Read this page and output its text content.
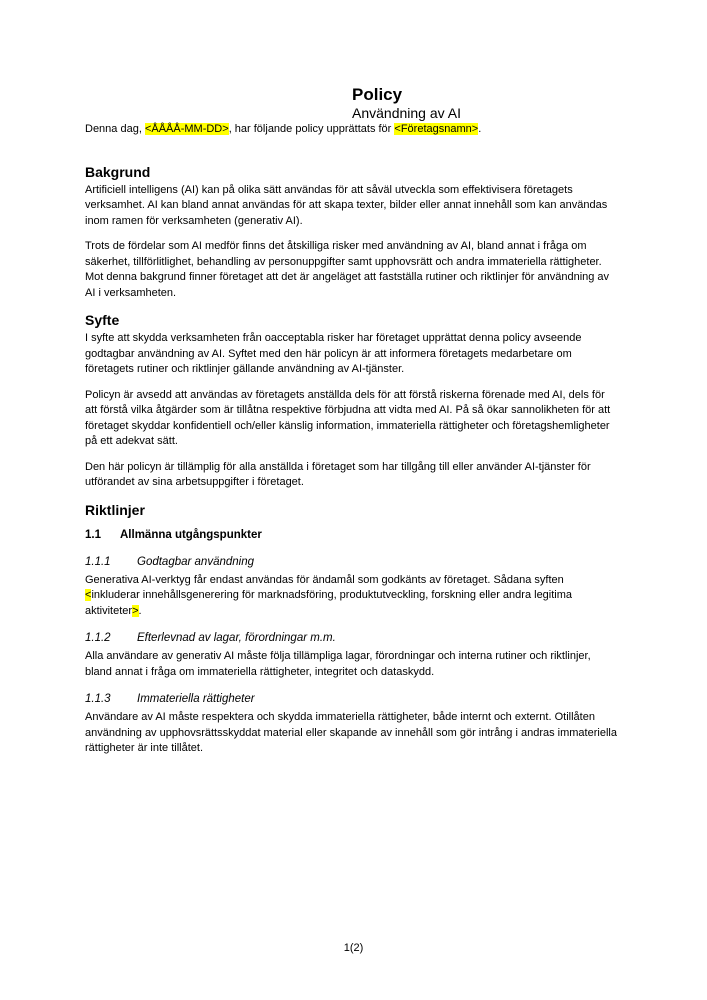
Policy
Användning av AI

Denna dag, <ÅÅÅÅ-MM-DD>, har följande policy upprättats för <Företagsnamn>.

Bakgrund

Artificiell intelligens (AI) kan på olika sätt användas för att såväl utveckla som effektivisera företagets verksamhet. AI kan bland annat användas för att skapa texter, bilder eller annat innehåll som kan användas inom ramen för verksamheten (generativ AI).

Trots de fördelar som AI medför finns det åtskilliga risker med användning av AI, bland annat i fråga om säkerhet, tillförlitlighet, behandling av personuppgifter samt upphovsrätt och andra immateriella rättigheter. Mot denna bakgrund finner företaget att det är angeläget att fastställa rutiner och riktlinjer för användning av AI i verksamheten.

Syfte

I syfte att skydda verksamheten från oacceptabla risker har företaget upprättat denna policy avseende godtagbar användning av AI. Syftet med den här policyn är att informera företagets medarbetare om företagets rutiner och riktlinjer gällande användning av AI-tjänster.

Policyn är avsedd att användas av företagets anställda dels för att förstå riskerna förenade med AI, dels för att förstå vilka åtgärder som är tillåtna respektive förbjudna att vidta med AI. På så ökar sannolikheten för att företaget skyddar konfidentiell och/eller känslig information, immateriella rättigheter och företagshemligheter på ett adekvat sätt.

Den här policyn är tillämplig för alla anställda i företaget som har tillgång till eller använder AI-tjänster för utförandet av sina arbetsuppgifter i företaget.

Riktlinjer
1.1	Allmänna utgångspunkter
1.1.1	Godtagbar användning

Generativa AI-verktyg får endast användas för ändamål som godkänts av företaget. Sådana syften <inkluderar innehållsgenerering för marknadsföring, produktutveckling, forskning eller andra legitima aktiviteter>.

1.1.2	Efterlevnad av lagar, förordningar m.m.

Alla användare av generativ AI måste följa tillämpliga lagar, förordningar och interna rutiner och riktlinjer, bland annat i fråga om immateriella rättigheter, integritet och dataskydd.

1.1.3	Immateriella rättigheter

Användare av AI måste respektera och skydda immateriella rättigheter, både internt och externt. Otillåten användning av upphovsrättsskyddat material eller skapande av innehåll som gör intrång i andras immateriella rättigheter är inte tillåtet.

1(2)
